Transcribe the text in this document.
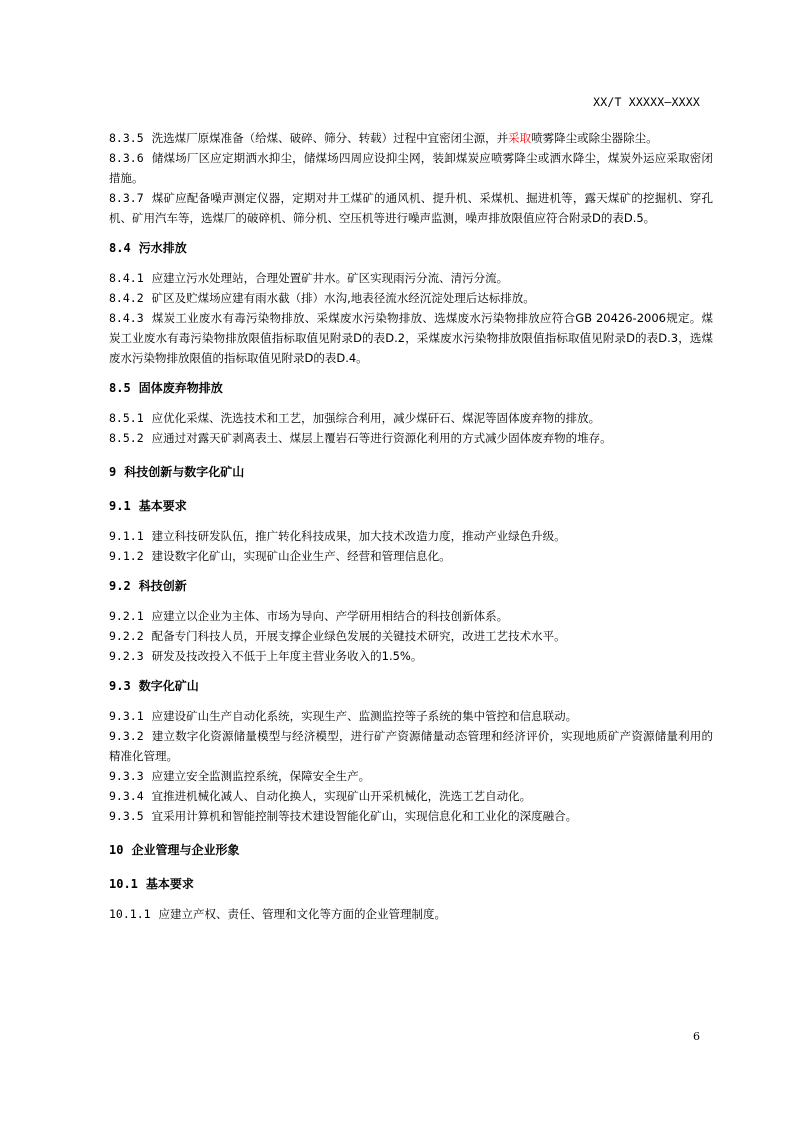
XX/T XXXXX—XXXX

8.3.5 洗选煤厂原煤准备（给煤、破碎、筛分、转载）过程中宜密闭尘源，并采取喷雾降尘或除尘器除尘。

8.3.6 储煤场厂区应定期洒水抑尘，储煤场四周应设抑尘网，装卸煤炭应喷雾降尘或洒水降尘，煤炭外运应采取密闭措施。

8.3.7 煤矿应配备噪声测定仪器，定期对井工煤矿的通风机、提升机、采煤机、掘进机等，露天煤矿的挖掘机、穿孔机、矿用汽车等，选煤厂的破碎机、筛分机、空压机等进行噪声监测，噪声排放限值应符合附录D的表D.5。

8.4 污水排放

8.4.1 应建立污水处理站，合理处置矿井水。矿区实现雨污分流、清污分流。

8.4.2 矿区及贮煤场应建有雨水截（排）水沟,地表径流水经沉淀处理后达标排放。

8.4.3 煤炭工业废水有毒污染物排放、采煤废水污染物排放、选煤废水污染物排放应符合GB 20426-2006规定。煤炭工业废水有毒污染物排放限值指标取值见附录D的表D.2，采煤废水污染物排放限值指标取值见附录D的表D.3，选煤废水污染物排放限值的指标取值见附录D的表D.4。

8.5 固体废弃物排放

8.5.1 应优化采煤、洗选技术和工艺，加强综合利用，减少煤矸石、煤泥等固体废弃物的排放。

8.5.2 应通过对露天矿剥离表土、煤层上覆岩石等进行资源化利用的方式减少固体废弃物的堆存。

9 科技创新与数字化矿山

9.1 基本要求

9.1.1 建立科技研发队伍，推广转化科技成果，加大技术改造力度，推动产业绿色升级。

9.1.2 建设数字化矿山，实现矿山企业生产、经营和管理信息化。

9.2 科技创新

9.2.1 应建立以企业为主体、市场为导向、产学研用相结合的科技创新体系。

9.2.2 配备专门科技人员，开展支撑企业绿色发展的关键技术研究，改进工艺技术水平。

9.2.3 研发及技改投入不低于上年度主营业务收入的1.5%。

9.3 数字化矿山

9.3.1 应建设矿山生产自动化系统，实现生产、监测监控等子系统的集中管控和信息联动。

9.3.2 建立数字化资源储量模型与经济模型，进行矿产资源储量动态管理和经济评价，实现地质矿产资源储量利用的精准化管理。

9.3.3 应建立安全监测监控系统，保障安全生产。

9.3.4 宜推进机械化减人、自动化换人，实现矿山开采机械化，洗选工艺自动化。

9.3.5 宜采用计算机和智能控制等技术建设智能化矿山，实现信息化和工业化的深度融合。

10 企业管理与企业形象

10.1 基本要求

10.1.1 应建立产权、责任、管理和文化等方面的企业管理制度。

6
